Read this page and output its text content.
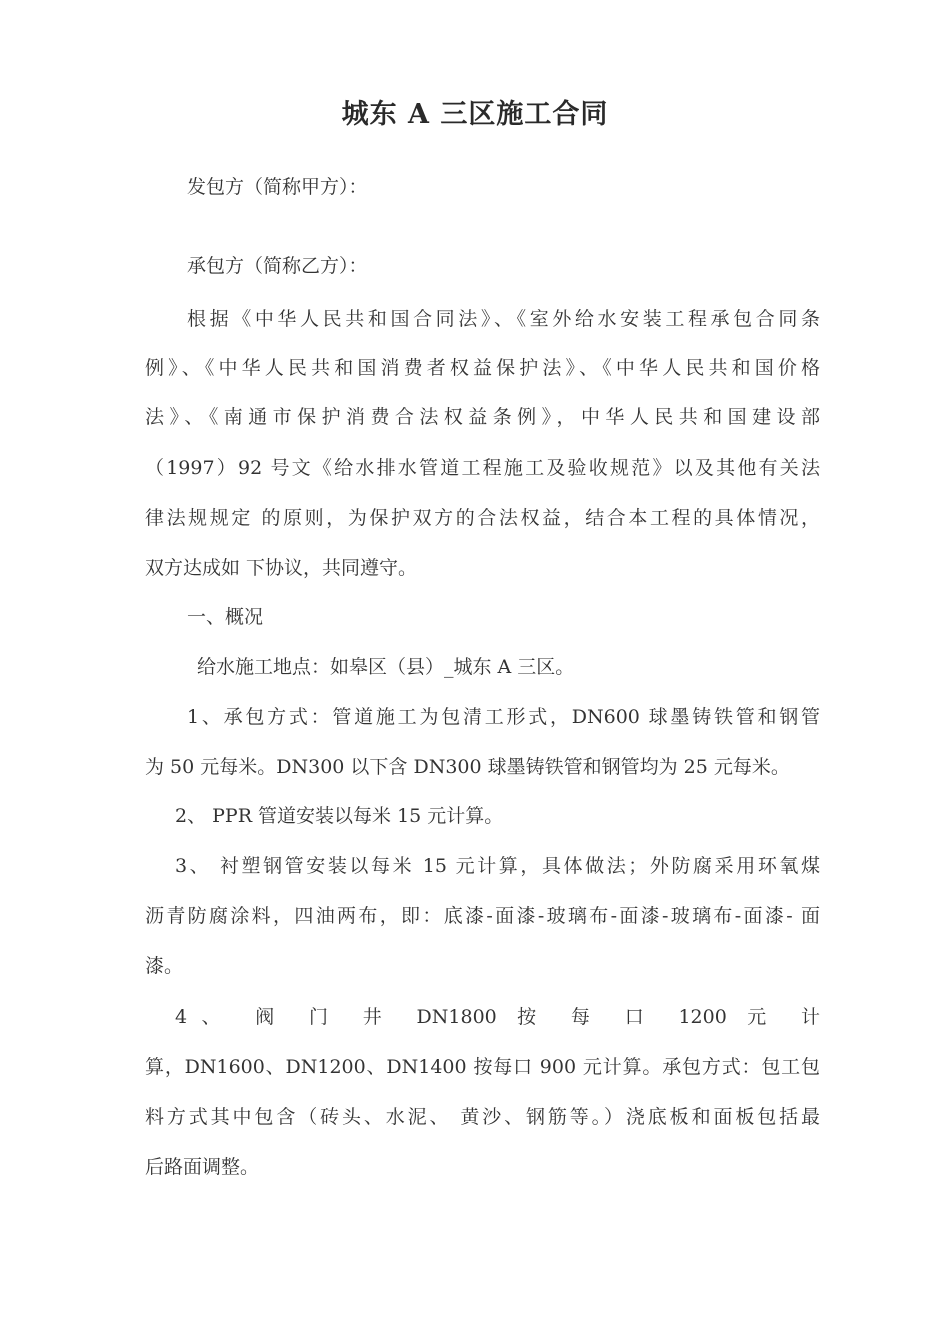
城东 A 三区施工合同
发包方（简称甲方）：
承包方（简称乙方）：
根据《中华人民共和国合同法》、《室外给水安装工程承包合同条
例》、《中华人民共和国消费者权益保护法》、《中华人民共和国价格
法》、《南通市保护消费合法权益条例》，中华人民共和国建设部
（1997）92 号文《给水排水管道工程施工及验收规范》以及其他有关法
律法规规定 的原则，为保护双方的合法权益，结合本工程的具体情况，
双方达成如 下协议，共同遵守。
一、概况
给水施工地点：如皋区（县）_城东 A 三区。
1、承包方式：管道施工为包清工形式，DN600 球墨铸铁管和钢管
为 50 元每米。DN300 以下含 DN300 球墨铸铁管和钢管均为 25 元每米。
2、 PPR 管道安装以每米 15 元计算。
3、 衬塑钢管安装以每米 15 元计算，具体做法；外防腐采用环氧煤
沥青防腐涂料，四油两布，即：底漆-面漆-玻璃布-面漆-玻璃布-面漆- 面
漆。
4、 阀 门 井 DN1800 按 每 口 1200 元 计
算，DN1600、DN1200、DN1400 按每口 900 元计算。承包方式：包工包
料方式其中包含（砖头、水泥、 黄沙、钢筋等。）浇底板和面板包括最
后路面调整。
